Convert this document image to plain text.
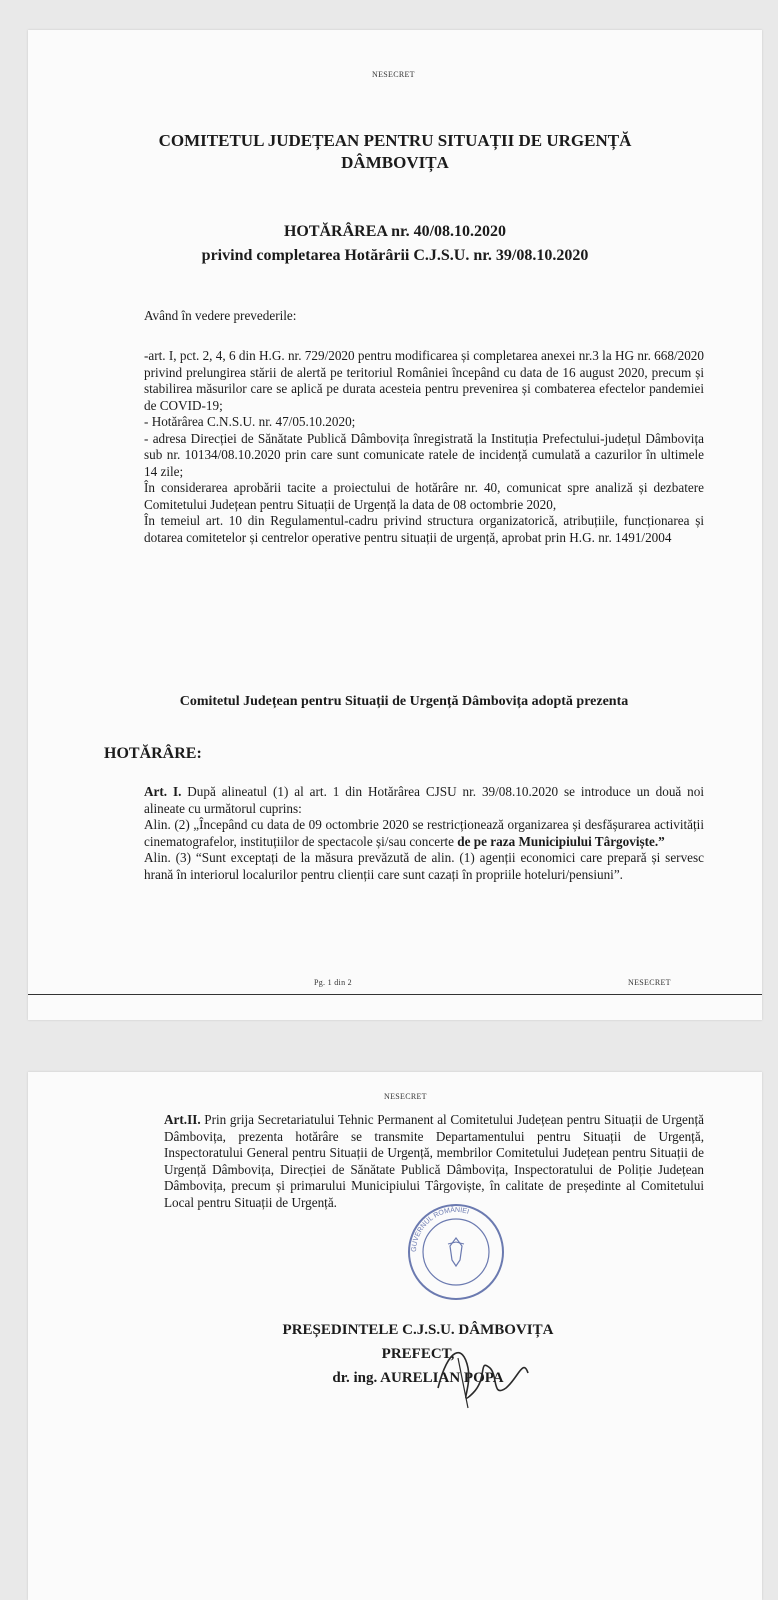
NESECRET
COMITETUL JUDEȚEAN PENTRU SITUAȚII DE URGENȚĂ
DÂMBOVIȚA
HOTĂRÂREA nr. 40/08.10.2020
privind completarea Hotărârii C.J.S.U. nr. 39/08.10.2020
Având în vedere prevederile:
-art. I, pct. 2, 4, 6 din H.G. nr. 729/2020 pentru modificarea și completarea anexei nr.3 la HG nr. 668/2020 privind prelungirea stării de alertă pe teritoriul României începând cu data de 16 august 2020, precum și stabilirea măsurilor care se aplică pe durata acesteia pentru prevenirea și combaterea efectelor pandemiei de COVID-19;
- Hotărârea C.N.S.U. nr. 47/05.10.2020;
- adresa Direcției de Sănătate Publică Dâmbovița înregistrată la Instituția Prefectului-județul Dâmbovița sub nr. 10134/08.10.2020 prin care sunt comunicate ratele de incidență cumulată a cazurilor în ultimele 14 zile;
În considerarea aprobării tacite a proiectului de hotărâre nr. 40, comunicat spre analiză și dezbatere Comitetului Județean pentru Situații de Urgență la data de 08 octombrie 2020,
În temeiul art. 10 din Regulamentul-cadru privind structura organizatorică, atribuțiile, funcționarea și dotarea comitetelor și centrelor operative pentru situații de urgență, aprobat prin H.G. nr. 1491/2004
Comitetul Județean pentru Situații de Urgență Dâmbovița adoptă prezenta
HOTĂRÂRE:
Art. I. După alineatul (1) al art. 1 din Hotărârea CJSU nr. 39/08.10.2020 se introduce un două noi alineate cu următorul cuprins:
Alin. (2) „Începând cu data de 09 octombrie 2020 se restricționează organizarea și desfășurarea activității cinematografelor, instituțiilor de spectacole și/sau concerte de pe raza Municipiului Târgoviște.”
Alin. (3) “Sunt exceptați de la măsura prevăzută de alin. (1) agenții economici care prepară și servesc hrană în interiorul localurilor pentru clienții care sunt cazați în propriile hoteluri/pensiuni”.
Pg. 1 din 2	NESECRET
NESECRET
Art.II. Prin grija Secretariatului Tehnic Permanent al Comitetului Județean pentru Situații de Urgență Dâmbovița, prezenta hotărâre se transmite Departamentului pentru Situații de Urgență, Inspectoratului General pentru Situații de Urgență, membrilor Comitetului Județean pentru Situații de Urgență Dâmbovița, Direcției de Sănătate Publică Dâmbovița, Inspectoratului de Poliție Județean Dâmbovița, precum și primarului Municipiului Târgoviște, în calitate de președinte al Comitetului Local pentru Situații de Urgență.
PREȘEDINTELE C.J.S.U. DÂMBOVIȚA
PREFECT,
dr. ing. AURELIAN POPA
GUVERNUL ROMÂNIEI
